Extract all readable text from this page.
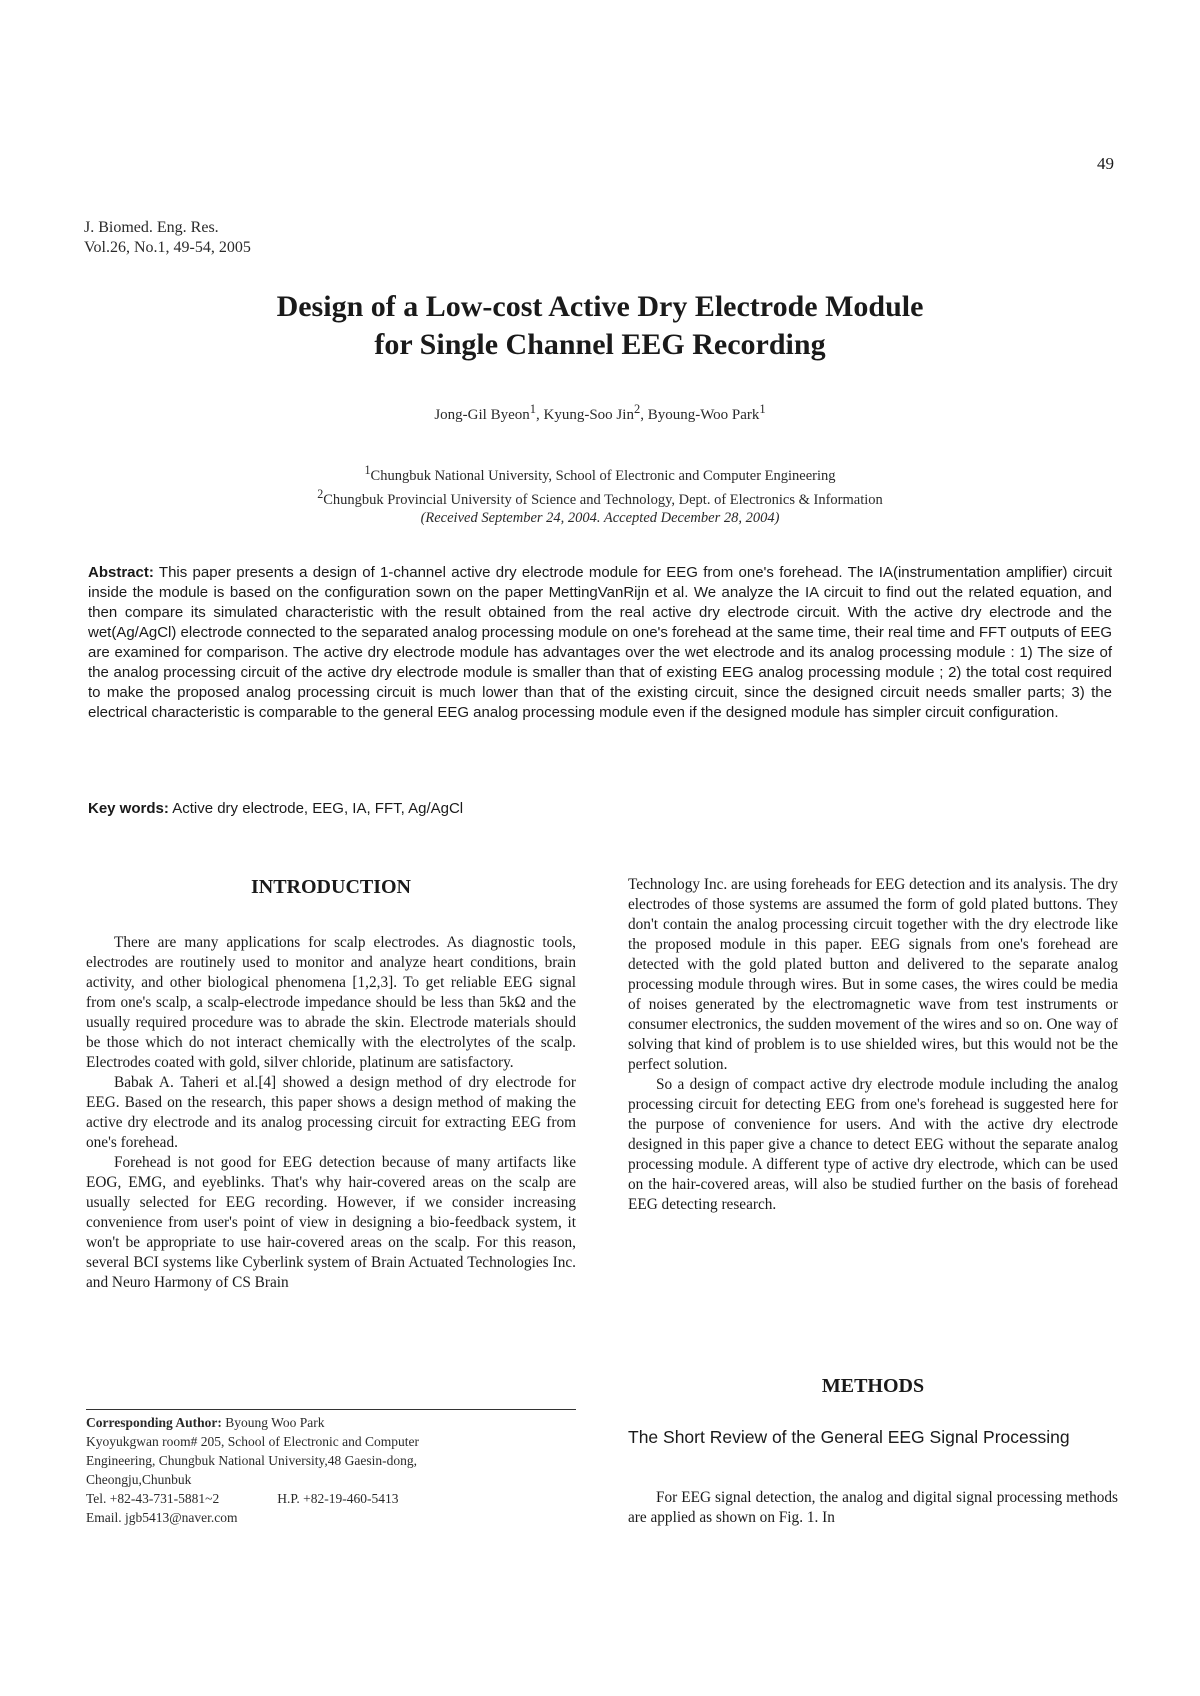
49
J. Biomed. Eng. Res.
Vol.26, No.1, 49-54, 2005
Design of a Low-cost Active Dry Electrode Module
for Single Channel EEG Recording
Jong-Gil Byeon$^1$, Kyung-Soo Jin$^2$, Byoung-Woo Park$^1$
$^1$Chungbuk National University, School of Electronic and Computer Engineering
$^2$Chungbuk Provincial University of Science and Technology, Dept. of Electronics & Information
(Received September 24, 2004. Accepted December 28, 2004)
Abstract: This paper presents a design of 1-channel active dry electrode module for EEG from one's forehead. The IA(instrumentation amplifier) circuit inside the module is based on the configuration sown on the paper MettingVanRijn et al. We analyze the IA circuit to find out the related equation, and then compare its simulated characteristic with the result obtained from the real active dry electrode circuit. With the active dry electrode and the wet(Ag/AgCl) electrode connected to the separated analog processing module on one's forehead at the same time, their real time and FFT outputs of EEG are examined for comparison. The active dry electrode module has advantages over the wet electrode and its analog processing module : 1) The size of the analog processing circuit of the active dry electrode module is smaller than that of existing EEG analog processing module ; 2) the total cost required to make the proposed analog processing circuit is much lower than that of the existing circuit, since the designed circuit needs smaller parts; 3) the electrical characteristic is comparable to the general EEG analog processing module even if the designed module has simpler circuit configuration.
Key words: Active dry electrode, EEG, IA, FFT, Ag/AgCl
INTRODUCTION

There are many applications for scalp electrodes. As diagnostic tools, electrodes are routinely used to monitor and analyze heart conditions, brain activity, and other biological phenomena [1,2,3]. To get reliable EEG signal from one's scalp, a scalp-electrode impedance should be less than 5kΩ and the usually required procedure was to abrade the skin. Electrode materials should be those which do not interact chemically with the electrolytes of the scalp. Electrodes coated with gold, silver chloride, platinum are satisfactory.

Babak A. Taheri et al.[4] showed a design method of dry electrode for EEG. Based on the research, this paper shows a design method of making the active dry electrode and its analog processing circuit for extracting EEG from one's forehead.

Forehead is not good for EEG detection because of many artifacts like EOG, EMG, and eyeblinks. That's why hair-covered areas on the scalp are usually selected for EEG recording. However, if we consider increasing convenience from user's point of view in designing a bio-feedback system, it won't be appropriate to use hair-covered areas on the scalp. For this reason, several BCI systems like Cyberlink system of Brain Actuated Technologies Inc. and Neuro Harmony of CS Brain

Corresponding Author: Byoung Woo Park
Kyoyukgwan room# 205, School of Electronic and Computer
Engineering, Chungbuk National University,48 Gaesin-dong,
Cheongju,Chunbuk
Tel. +82-43-731-5881~2	H.P. +82-19-460-5413
Email. jgb5413@naver.com

Technology Inc. are using foreheads for EEG detection and its analysis. The dry electrodes of those systems are assumed the form of gold plated buttons. They don't contain the analog processing circuit together with the dry electrode like the proposed module in this paper. EEG signals from one's forehead are detected with the gold plated button and delivered to the separate analog processing module through wires. But in some cases, the wires could be media of noises generated by the electromagnetic wave from test instruments or consumer electronics, the sudden movement of the wires and so on. One way of solving that kind of problem is to use shielded wires, but this would not be the perfect solution.

So a design of compact active dry electrode module including the analog processing circuit for detecting EEG from one's forehead is suggested here for the purpose of convenience for users. And with the active dry electrode designed in this paper give a chance to detect EEG without the separate analog processing module. A different type of active dry electrode, which can be used on the hair-covered areas, will also be studied further on the basis of forehead EEG detecting research.

METHODS
The Short Review of the General EEG Signal Processing

For EEG signal detection, the analog and digital signal processing methods are applied as shown on Fig. 1. In
